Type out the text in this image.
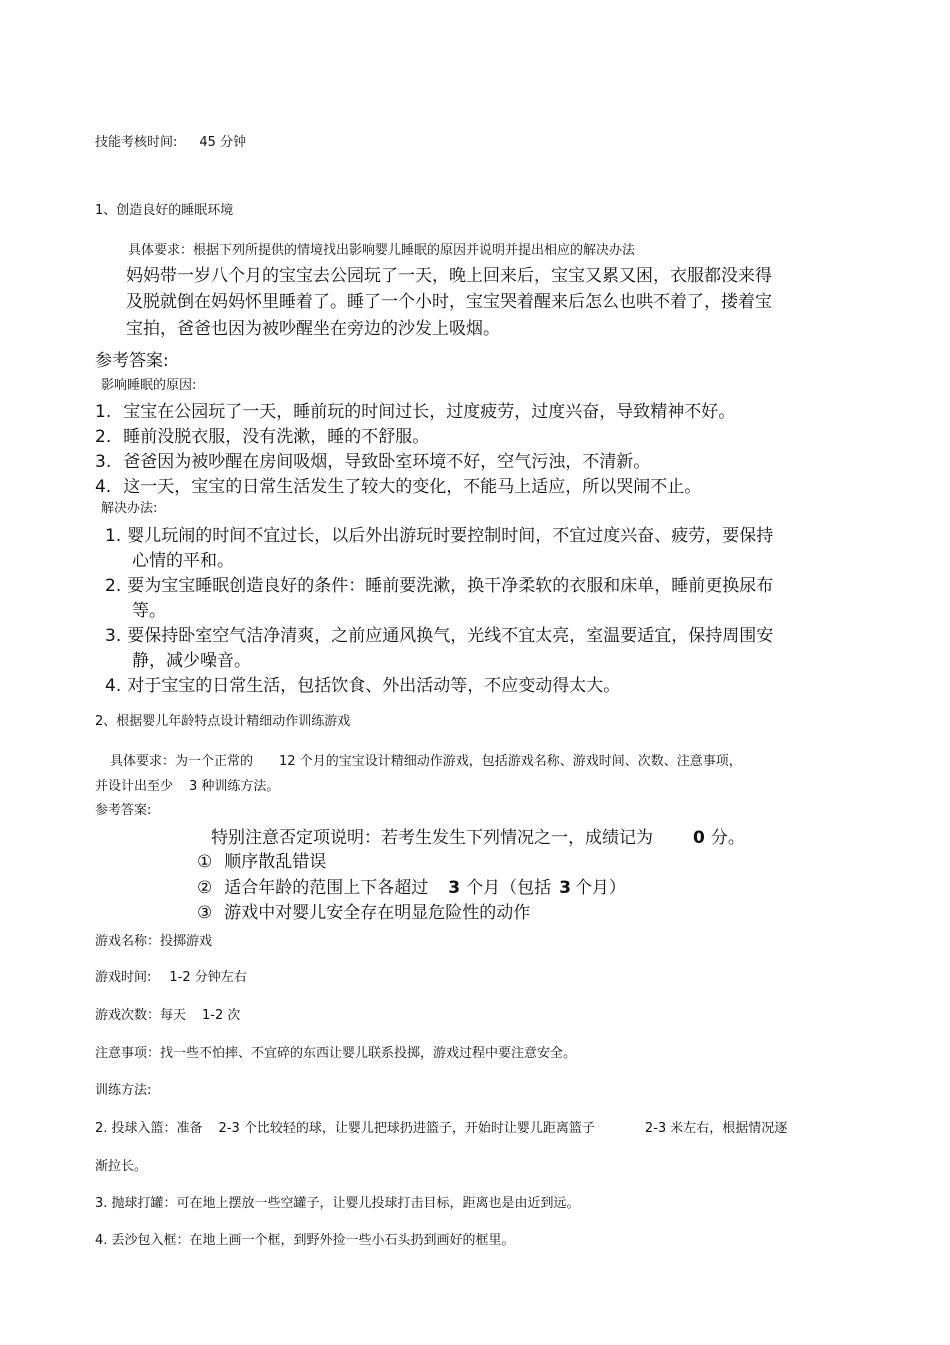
技能考核时间: 45 分钟
1、创造良好的睡眠环境
具体要求：根据下列所提供的情境找出影响婴儿睡眠的原因并说明并提出相应的解决办法
妈妈带一岁八个月的宝宝去公园玩了一天，晚上回来后，宝宝又累又困，衣服都没来得
及脱就倒在妈妈怀里睡着了。睡了一个小时，宝宝哭着醒来后怎么也哄不着了，搂着宝
宝拍，爸爸也因为被吵醒坐在旁边的沙发上吸烟。
参考答案:
影响睡眠的原因:
1. 宝宝在公园玩了一天，睡前玩的时间过长，过度疲劳，过度兴奋，导致精神不好。
2. 睡前没脱衣服，没有洗漱，睡的不舒服。
3. 爸爸因为被吵醒在房间吸烟，导致卧室环境不好，空气污浊，不清新。
4. 这一天，宝宝的日常生活发生了较大的变化，不能马上适应，所以哭闹不止。
解决办法:
1. 婴儿玩闹的时间不宜过长，以后外出游玩时要控制时间，不宜过度兴奋、疲劳，要保持
心情的平和。
2. 要为宝宝睡眠创造良好的条件：睡前要洗漱，换干净柔软的衣服和床单，睡前更换尿布
等。
3. 要保持卧室空气洁净清爽，之前应通风换气，光线不宜太亮，室温要适宜，保持周围安
静，减少噪音。
4. 对于宝宝的日常生活，包括饮食、外出活动等，不应变动得太大。
2、根据婴儿年龄特点设计精细动作训练游戏
具体要求：为一个正常的 12 个月的宝宝设计精细动作游戏，包括游戏名称、游戏时间、次数、注意事项，
并设计出至少 3 种训练方法。
参考答案:
特别注意否定项说明：若考生发生下列情况之一，成绩记为 0 分。
① 顺序散乱错误
② 适合年龄的范围上下各超过 3 个月（包括 3 个月）
③ 游戏中对婴儿安全存在明显危险性的动作
游戏名称：投掷游戏
游戏时间: 1-2 分钟左右
游戏次数：每天 1-2 次
注意事项：找一些不怕摔、不宜碎的东西让婴儿联系投掷，游戏过程中要注意安全。
训练方法:
2. 投球入篮：准备 2-3 个比较轻的球，让婴儿把球扔进篮子，开始时让婴儿距离篮子	2-3 米左右，根据情况逐
渐拉长。
3. 抛球打罐：可在地上摆放一些空罐子，让婴儿投球打击目标，距离也是由近到远。
4. 丢沙包入框：在地上画一个框，到野外捡一些小石头扔到画好的框里。
